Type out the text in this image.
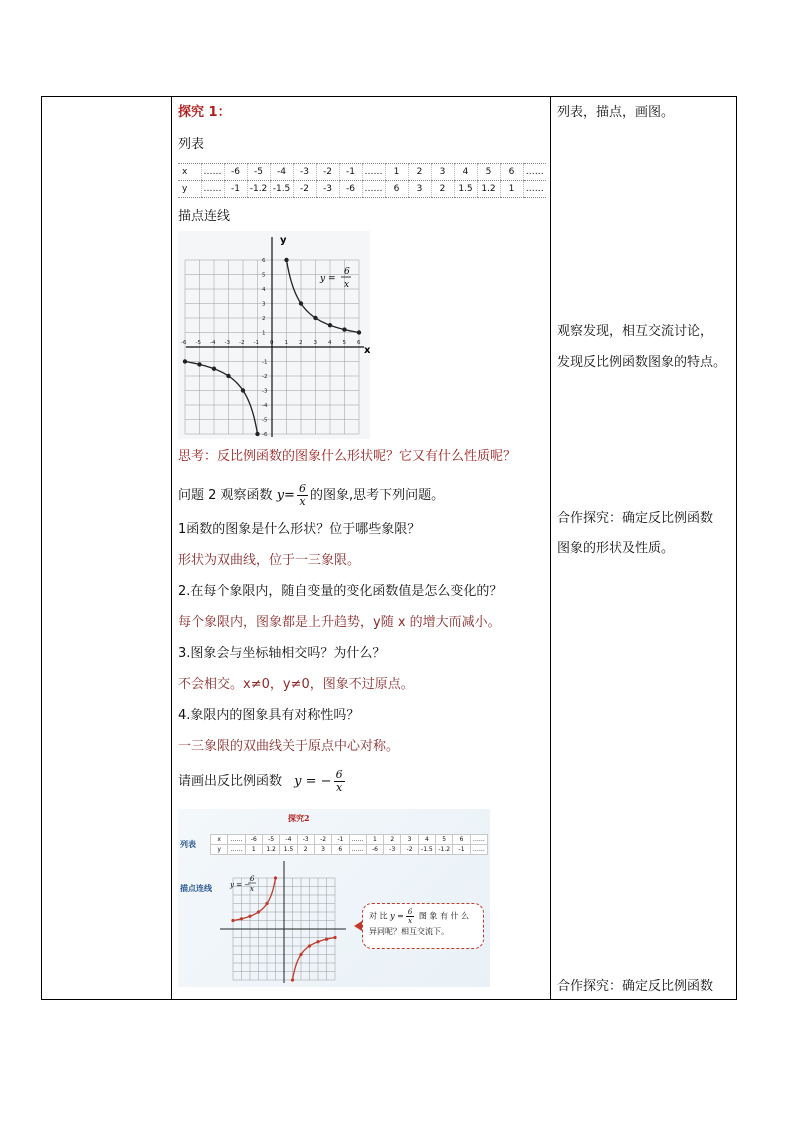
探究 1：
列表
x	……	-6	-5	-4	-3	-2	-1	……	1	2	3	4	5	6	……
y	……	-1	-1.2	-1.5	-2	-3	-6	……	6	3	2	1.5	1.2	1	……
描点连线
y
x
-6 -5 -4 -3 -2 -1 0 1 2 3 4 5 6
6
5
4
3
2
1
-1
-2
-3
-4
-5
-6
y =
6
x
思考：反比例函数的图象什么形状呢？它又有什么性质呢？
问题 2 观察函数 $y= \frac{6}{x}$ 的图象,思考下列问题。
1函数的图象是什么形状？位于哪些象限？
形状为双曲线，位于一三象限。
2.在每个象限内，随自变量的变化函数值是怎么变化的？
每个象限内，图象都是上升趋势，y随 x 的增大而减小。
3.图象会与坐标轴相交吗？为什么？
不会相交。x≠0，y≠0，图象不过原点。
4.象限内的图象具有对称性吗？
一三象限的双曲线关于原点中心对称。
请画出反比例函数 y = − $\frac{6}{x}$
探究2
列表	x	……	-6	-5	-4	-3	-2	-1	……	1	2	3	4	5	6	……
y	……	1	1.2	1.5	2	3	6	……	-6	-3	-2	-1.5	-1.2	-1	……
描点连线	y = −
6
x
对 比 $y = \frac{6}{x}$ 图 象 有 什 么
异同呢？相互交流下。
列表，描点，画图。
观察发现，相互交流讨论，
发现反比例函数图象的特点。
合作探究：确定反比例函数
图象的形状及性质。
合作探究：确定反比例函数
